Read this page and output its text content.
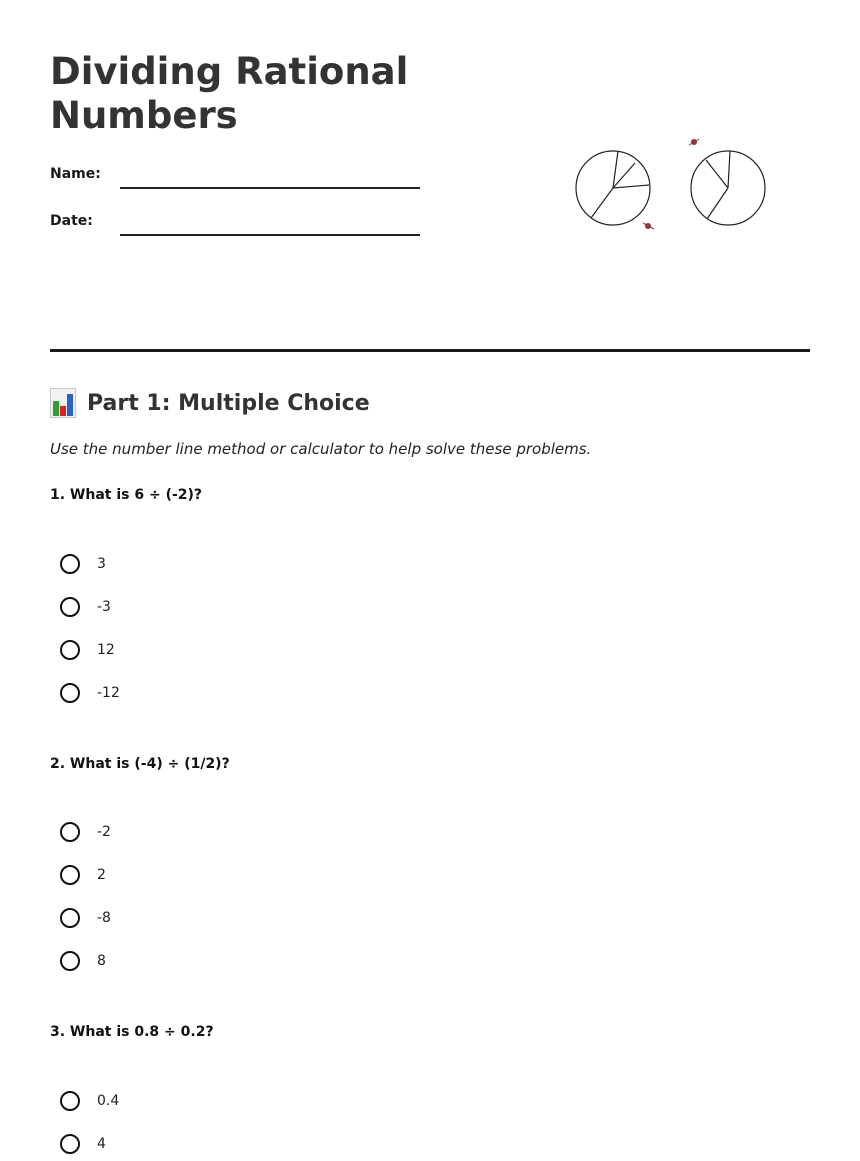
Dividing Rational Numbers
Name:
Date:
Part 1: Multiple Choice
Use the number line method or calculator to help solve these problems.
1. What is 6 ÷ (-2)?
3
-3
12
-12
2. What is (-4) ÷ (1/2)?
-2
2
-8
8
3. What is 0.8 ÷ 0.2?
0.4
4
